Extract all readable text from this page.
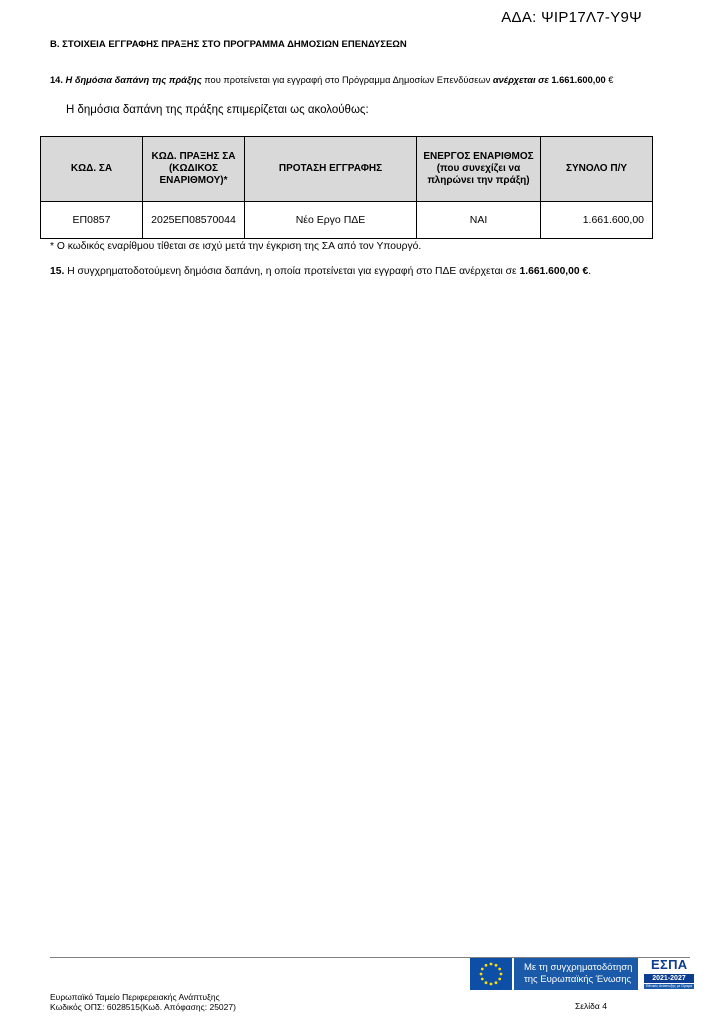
ΑΔΑ: ΨΙΡ17Λ7-Υ9Ψ
Β. ΣΤΟΙΧΕΙΑ ΕΓΓΡΑΦΗΣ ΠΡΑΞΗΣ ΣΤΟ ΠΡΟΓΡΑΜΜΑ ΔΗΜΟΣΙΩΝ ΕΠΕΝΔΥΣΕΩΝ
14. Η δημόσια δαπάνη της πράξης που προτείνεται για εγγραφή στο Πρόγραμμα Δημοσίων Επενδύσεων ανέρχεται σε 1.661.600,00 €
Η δημόσια δαπάνη της πράξης επιμερίζεται ως ακολούθως:
ΚΩΔ. ΣΑ	ΚΩΔ. ΠΡΑΞΗΣ ΣΑ (ΚΩΔΙΚΟΣ ΕΝΑΡΙΘΜΟΥ)*	ΠΡΟΤΑΣΗ ΕΓΓΡΑΦΗΣ	ΕΝΕΡΓΟΣ ΕΝΑΡΙΘΜΟΣ (που συνεχίζει να πληρώνει την πράξη)	ΣΥΝΟΛΟ Π/Υ
ΕΠ0857	2025ΕΠ08570044	Νέο Εργο ΠΔΕ	ΝΑΙ	1.661.600,00
* Ο κωδικός εναρίθμου τίθεται σε ισχύ μετά την έγκριση της ΣΑ από τον Υπουργό.
15. Η συγχρηματοδοτούμενη δημόσια δαπάνη, η οποία προτείνεται για εγγραφή στο ΠΔΕ ανέρχεται σε 1.661.600,00 €.
Με τη συγχρηματοδότηση
της Ευρωπαϊκής Ένωσης
ΕΣΠΑ
2021-2027
Εθνικός Ανάπτυξης με Όραμα
Ευρωπαϊκό Ταμείο Περιφερειακής Ανάπτυξης
Κωδικός ΟΠΣ: 6028515(Κωδ. Απόφασης: 25027)	Σελίδα 4
